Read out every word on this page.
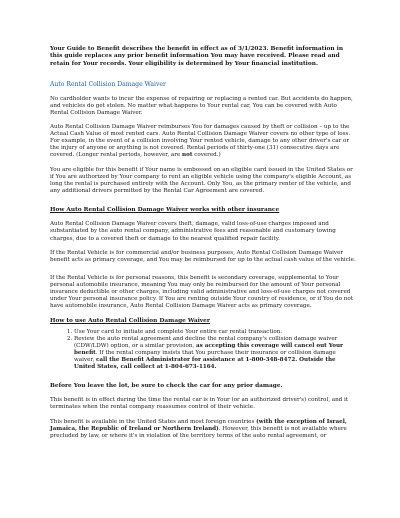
Your Guide to Benefit describes the benefit in effect as of 3/1/2023. Benefit information in this guide replaces any prior benefit information You may have received. Please read and retain for Your records. Your eligibility is determined by Your financial institution.

Auto Rental Collision Damage Waiver

No cardholder wants to incur the expense of repairing or replacing a rented car. But accidents do happen, and vehicles do get stolen. No matter what happens to Your rental car, You can be covered with Auto Rental Collision Damage Waiver.

Auto Rental Collision Damage Waiver reimburses You for damages caused by theft or collision – up to the Actual Cash Value of most rented cars. Auto Rental Collision Damage Waiver covers no other type of loss. For example, in the event of a collision involving Your rented vehicle, damage to any other driver's car or the injury of anyone or anything is not covered. Rental periods of thirty-one (31) consecutive days are covered. (Longer rental periods, however, are not covered.)

You are eligible for this benefit if Your name is embossed on an eligible card issued in the United States or if You are authorized by Your company to rent an eligible vehicle using the company's eligible Account, as long the rental is purchased entirely with the Account. Only You, as the primary renter of the vehicle, and any additional drivers permitted by the Rental Car Agreement are covered.

How Auto Rental Collision Damage Waiver works with other insurance

Auto Rental Collision Damage Waiver covers theft, damage, valid loss-of-use charges imposed and substantiated by the auto rental company, administrative fees and reasonable and customary towing charges, due to a covered theft or damage to the nearest qualified repair facility.

If the Rental Vehicle is for commercial and/or business purposes, Auto Rental Collision Damage Waiver benefit acts as primary coverage, and You may be reimbursed for up to the actual cash value of the vehicle.

If the Rental Vehicle is for personal reasons, this benefit is secondary coverage, supplemental to Your personal automobile insurance, meaning You may only be reimbursed for the amount of Your personal insurance deductible or other charges, including valid administrative and loss-of-use charges not covered under Your personal insurance policy. If You are renting outside Your country of residence, or if You do not have automobile insurance, Auto Rental Collision Damage Waiver acts as primary coverage.

How to use Auto Rental Collision Damage Waiver

1. Use Your card to initiate and complete Your entire car rental transaction.
2. Review the auto rental agreement and decline the rental company's collision damage waiver (CDW/LDW) option, or a similar provision, as accepting this coverage will cancel out Your benefit. If the rental company insists that You purchase their insurance or collision damage waiver, call the Benefit Administrator for assistance at 1-800-348-8472. Outside the United States, call collect at 1-804-673-1164.

Before You leave the lot, be sure to check the car for any prior damage.

This benefit is in effect during the time the rental car is in Your (or an authorized driver's) control, and it terminates when the rental company reassumes control of their vehicle.

This benefit is available in the United States and most foreign countries (with the exception of Israel, Jamaica, the Republic of Ireland or Northern Ireland). However, this benefit is not available where precluded by law, or where it's in violation of the territory terms of the auto rental agreement, or
